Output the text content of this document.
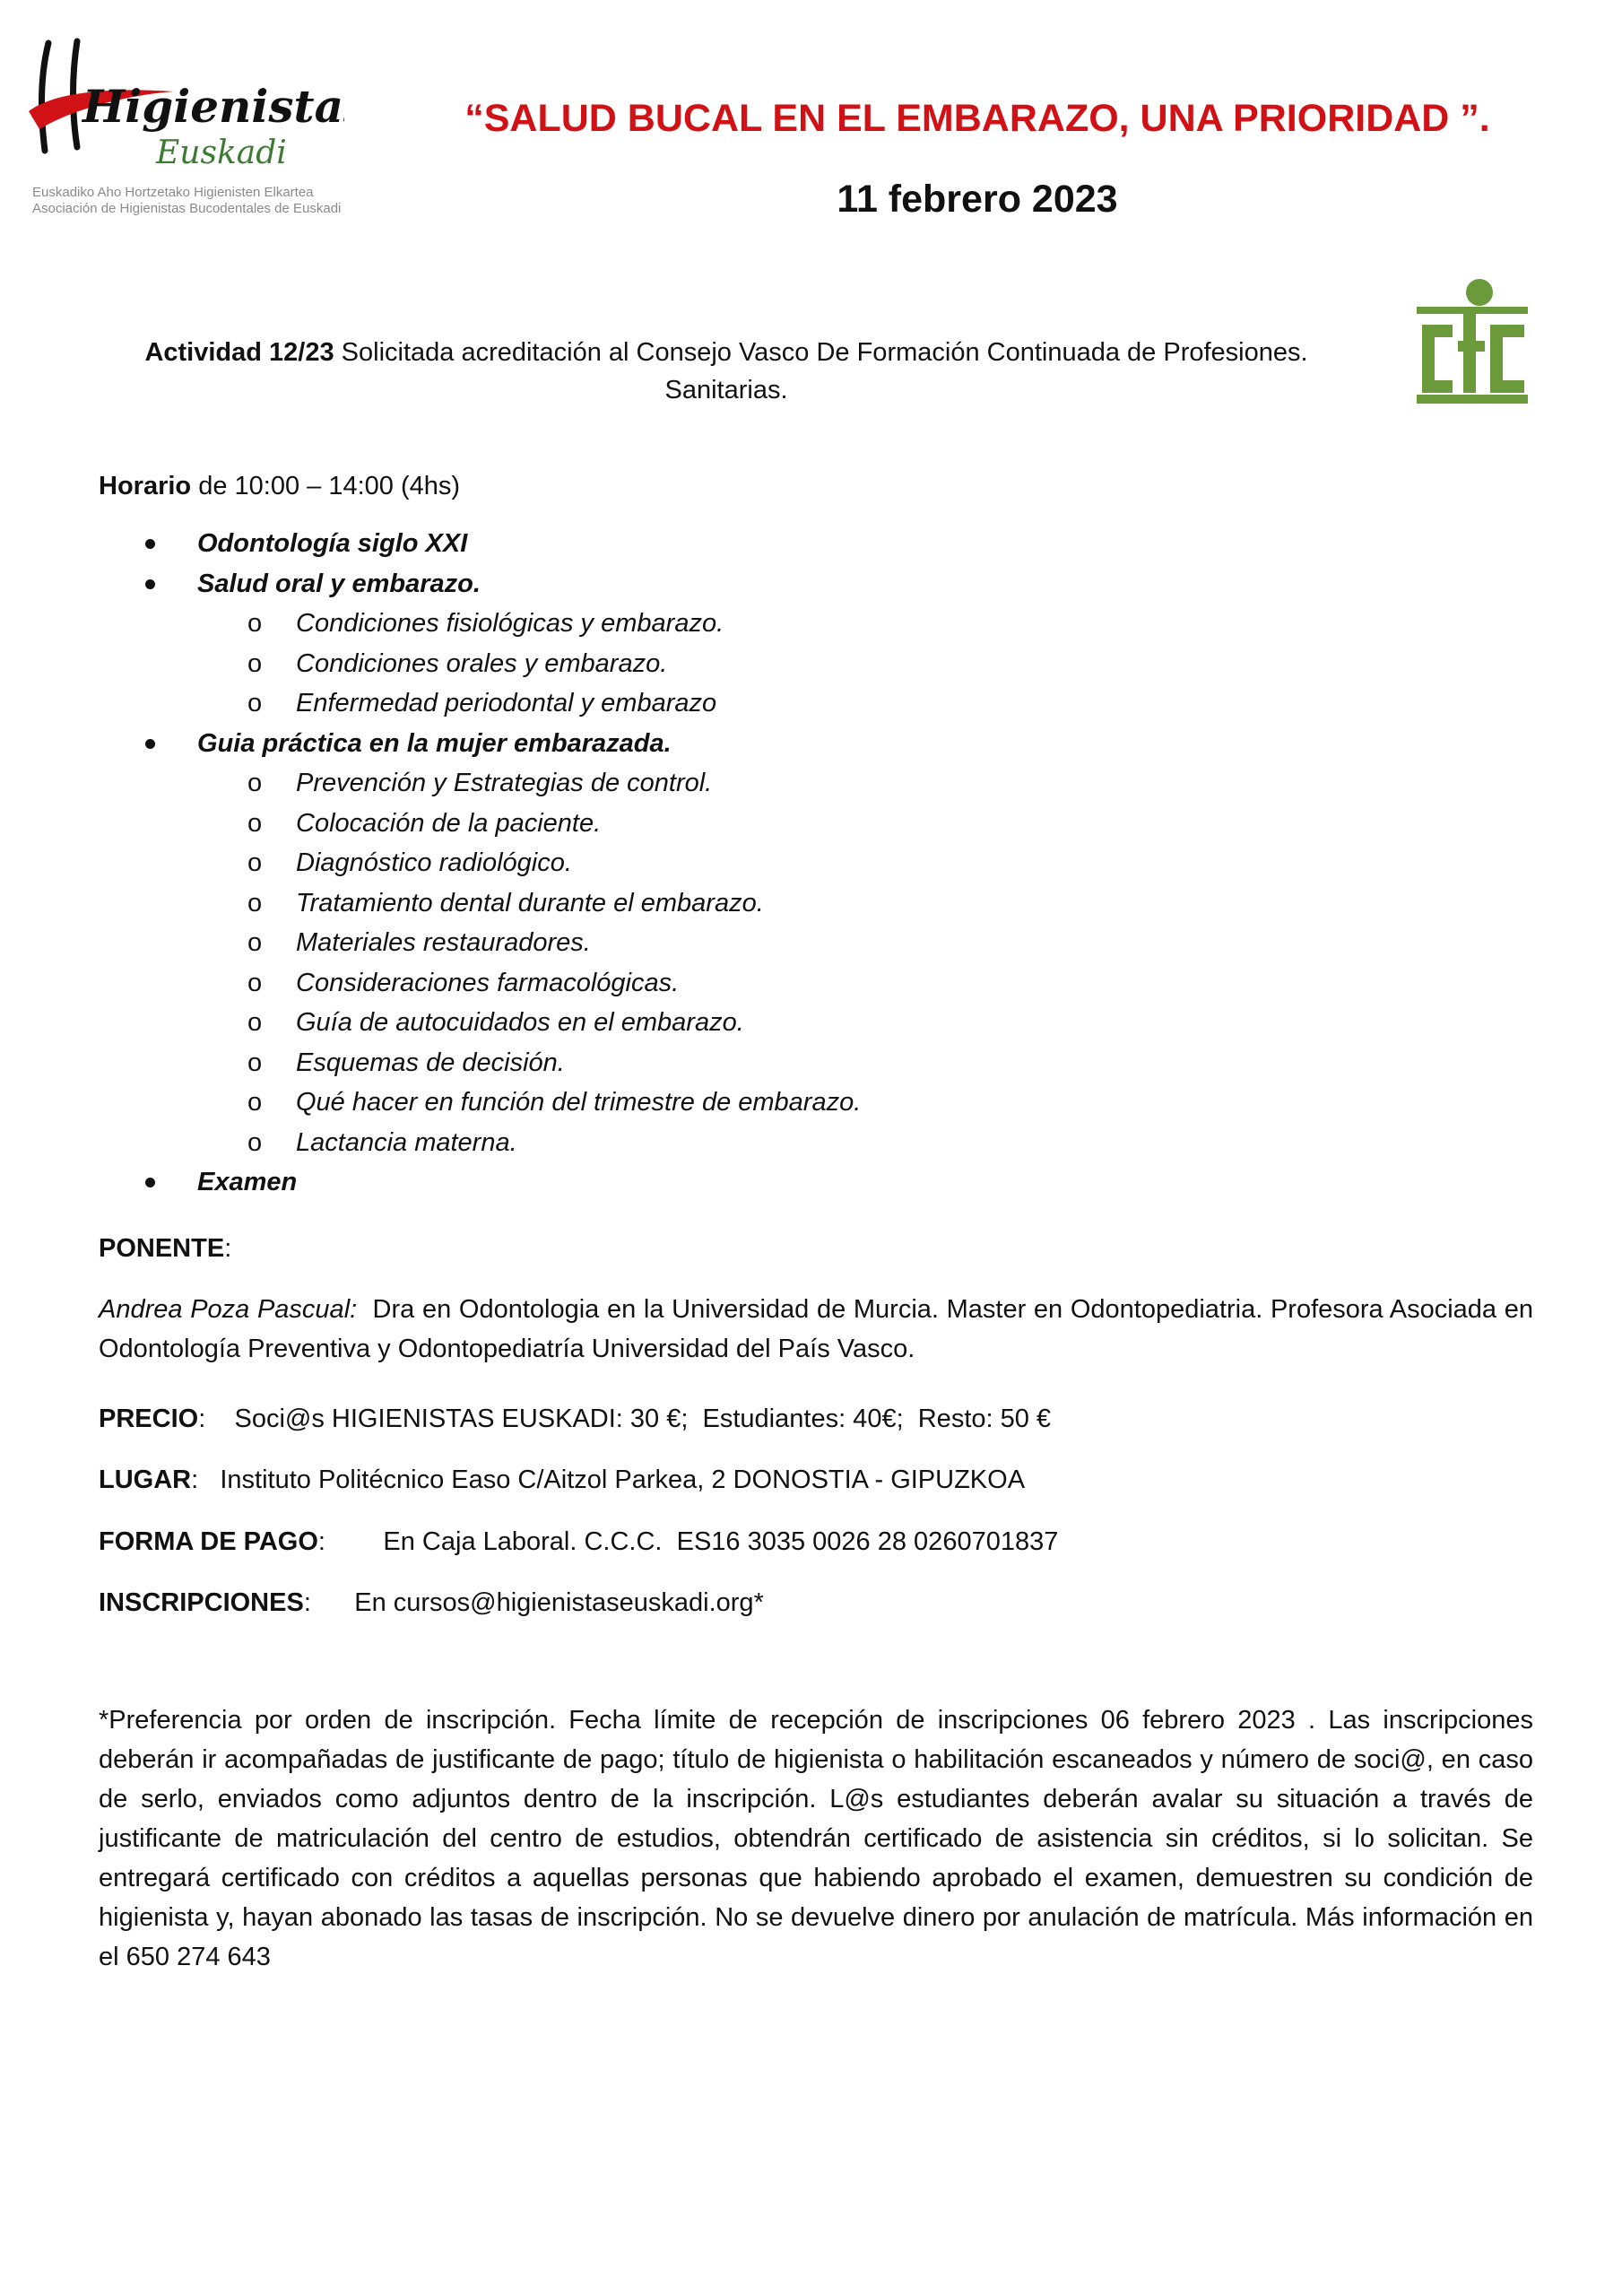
Higienistas
Euskadi
Euskadiko Aho Hortzetako Higienisten Elkartea
Asociación de Higienistas Bucodentales de Euskadi
“SALUD BUCAL EN EL EMBARAZO, UNA PRIORIDAD ”.
11 febrero 2023
Actividad 12/23 Solicitada acreditación al Consejo Vasco De Formación Continuada de Profesiones. Sanitarias.
Horario de 10:00 – 14:00 (4hs)
Odontología siglo XXI
Salud oral y embarazo.
o Condiciones fisiológicas y embarazo.
o Condiciones orales y embarazo.
o Enfermedad periodontal y embarazo
Guia práctica en la mujer embarazada.
o Prevención y Estrategias de control.
o Colocación de la paciente.
o Diagnóstico radiológico.
o Tratamiento dental durante el embarazo.
o Materiales restauradores.
o Consideraciones farmacológicas.
o Guía de autocuidados en el embarazo.
o Esquemas de decisión.
o Qué hacer en función del trimestre de embarazo.
o Lactancia materna.
Examen
PONENTE:
Andrea Poza Pascual:  Dra en Odontologia en la Universidad de Murcia. Master en Odontopediatria. Profesora Asociada en Odontología Preventiva y Odontopediatría Universidad del País Vasco.
PRECIO:    Soci@s HIGIENISTAS EUSKADI: 30 €;  Estudiantes: 40€;  Resto: 50 €
LUGAR:   Instituto Politécnico Easo C/Aitzol Parkea, 2 DONOSTIA - GIPUZKOA
FORMA DE PAGO:        En Caja Laboral. C.C.C.  ES16 3035 0026 28 0260701837
INSCRIPCIONES:      En cursos@higienistaseuskadi.org*
*Preferencia por orden de inscripción. Fecha límite de recepción de inscripciones 06 febrero 2023 . Las inscripciones deberán ir acompañadas de justificante de pago; título de higienista o habilitación escaneados y número de soci@, en caso de serlo, enviados como adjuntos dentro de la inscripción. L@s estudiantes deberán avalar su situación a través de justificante de matriculación del centro de estudios, obtendrán certificado de asistencia sin créditos, si lo solicitan. Se entregará certificado con créditos a aquellas personas que habiendo aprobado el examen, demuestren su condición de higienista y, hayan abonado las tasas de inscripción. No se devuelve dinero por anulación de matrícula. Más información en el 650 274 643
